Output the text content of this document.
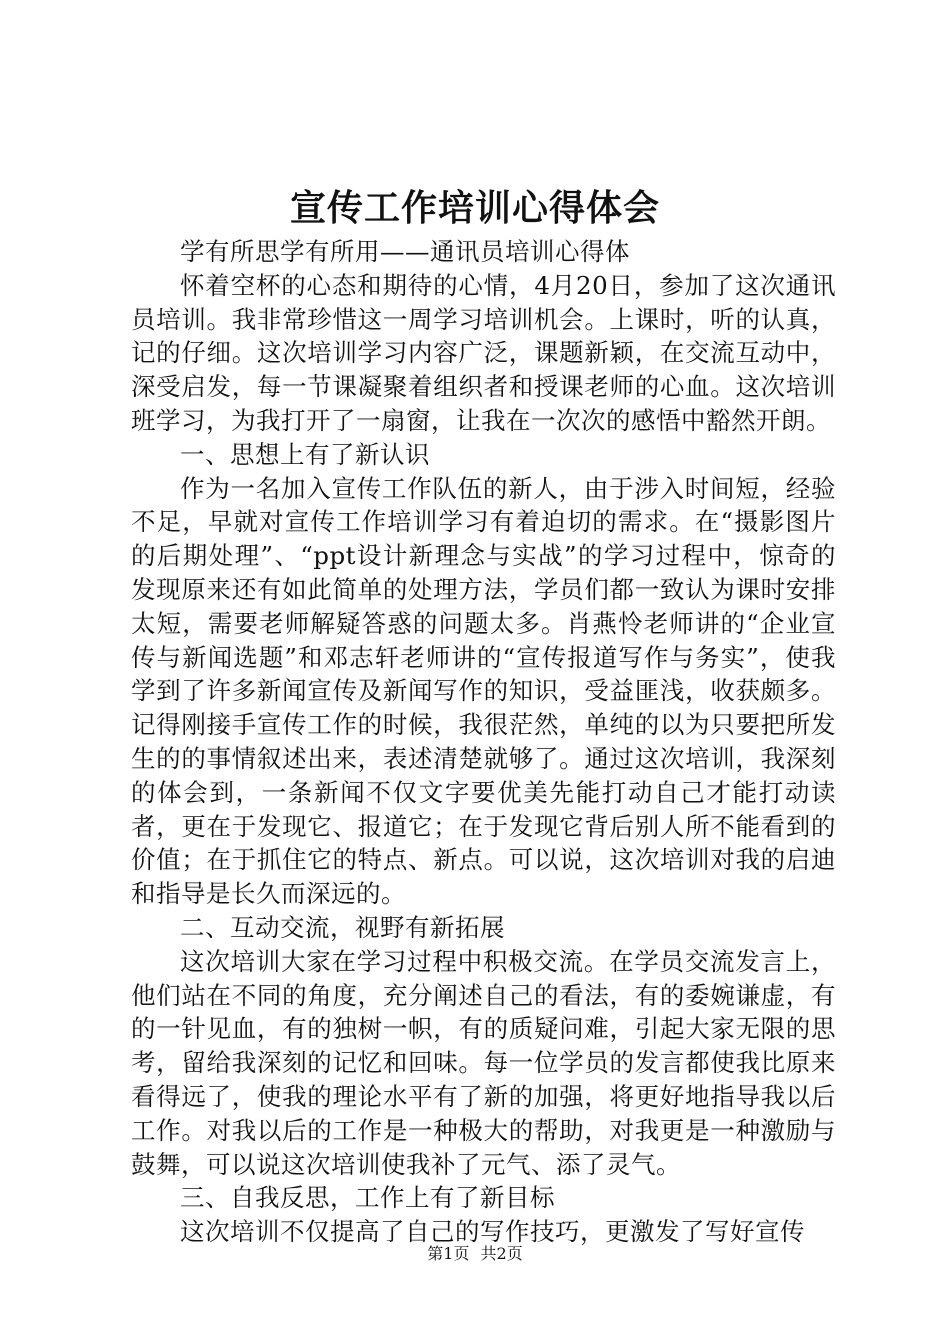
宣传工作培训心得体会

学有所思学有所用——通讯员培训心得体

怀着空杯的心态和期待的心情，4月20日，参加了这次通讯员培训。我非常珍惜这一周学习培训机会。上课时，听的认真，记的仔细。这次培训学习内容广泛，课题新颖，在交流互动中，深受启发，每一节课凝聚着组织者和授课老师的心血。这次培训班学习，为我打开了一扇窗，让我在一次次的感悟中豁然开朗。

一、思想上有了新认识

作为一名加入宣传工作队伍的新人，由于涉入时间短，经验不足，早就对宣传工作培训学习有着迫切的需求。在“摄影图片的后期处理”、“ppt设计新理念与实战”的学习过程中，惊奇的发现原来还有如此简单的处理方法，学员们都一致认为课时安排太短，需要老师解疑答惑的问题太多。肖燕怜老师讲的“企业宣传与新闻选题”和邓志轩老师讲的“宣传报道写作与务实”，使我学到了许多新闻宣传及新闻写作的知识，受益匪浅，收获颇多。记得刚接手宣传工作的时候，我很茫然，单纯的以为只要把所发生的的事情叙述出来，表述清楚就够了。通过这次培训，我深刻的体会到，一条新闻不仅文字要优美先能打动自己才能打动读者，更在于发现它、报道它；在于发现它背后别人所不能看到的价值；在于抓住它的特点、新点。可以说，这次培训对我的启迪和指导是长久而深远的。

二、互动交流，视野有新拓展

这次培训大家在学习过程中积极交流。在学员交流发言上，他们站在不同的角度，充分阐述自己的看法，有的委婉谦虚，有的一针见血，有的独树一帜，有的质疑问难，引起大家无限的思考，留给我深刻的记忆和回味。每一位学员的发言都使我比原来看得远了，使我的理论水平有了新的加强，将更好地指导我以后工作。对我以后的工作是一种极大的帮助，对我更是一种激励与鼓舞，可以说这次培训使我补了元气、添了灵气。

三、自我反思，工作上有了新目标

这次培训不仅提高了自己的写作技巧，更激发了写好宣传

第1页 共2页
